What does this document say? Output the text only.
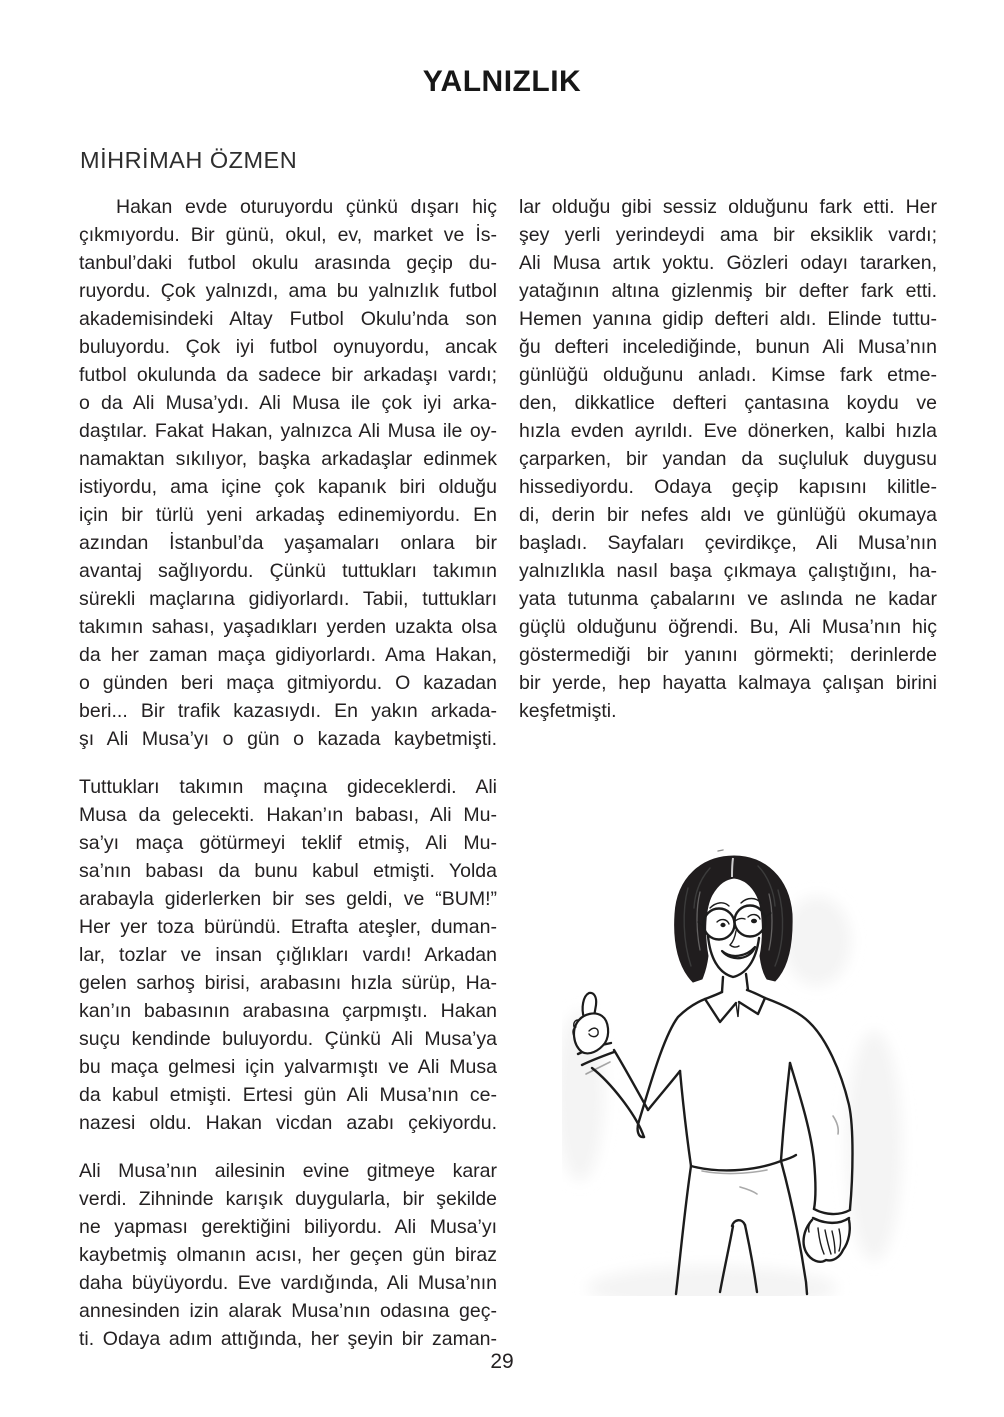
YALNIZLIK
MİHRİMAH ÖZMEN
Hakan evde oturuyordu çünkü dışarı hiç
çıkmıyordu. Bir günü, okul, ev, market ve İs-
tanbul’daki futbol okulu arasında geçip du-
ruyordu. Çok yalnızdı, ama bu yalnızlık futbol
akademisindeki Altay Futbol Okulu’nda son
buluyordu. Çok iyi futbol oynuyordu, ancak
futbol okulunda da sadece bir arkadaşı vardı;
o da Ali Musa’ydı. Ali Musa ile çok iyi arka-
daştılar. Fakat Hakan, yalnızca Ali Musa ile oy-
namaktan sıkılıyor, başka arkadaşlar edinmek
istiyordu, ama içine çok kapanık biri olduğu
için bir türlü yeni arkadaş edinemiyordu. En
azından İstanbul’da yaşamaları onlara bir
avantaj sağlıyordu. Çünkü tuttukları takımın
sürekli maçlarına gidiyorlardı. Tabii, tuttukları
takımın sahası, yaşadıkları yerden uzakta olsa
da her zaman maça gidiyorlardı. Ama Hakan,
o günden beri maça gitmiyordu. O kazadan
beri... Bir trafik kazasıydı. En yakın arkada-
şı Ali Musa’yı o gün o kazada kaybetmişti.
Tuttukları takımın maçına gideceklerdi. Ali
Musa da gelecekti. Hakan’ın babası, Ali Mu-
sa’yı maça götürmeyi teklif etmiş, Ali Mu-
sa’nın babası da bunu kabul etmişti. Yolda
arabayla giderlerken bir ses geldi, ve “BUM!”
Her yer toza büründü. Etrafta ateşler, duman-
lar, tozlar ve insan çığlıkları vardı! Arkadan
gelen sarhoş birisi, arabasını hızla sürüp, Ha-
kan’ın babasının arabasına çarpmıştı. Hakan
suçu kendinde buluyordu. Çünkü Ali Musa’ya
bu maça gelmesi için yalvarmıştı ve Ali Musa
da kabul etmişti. Ertesi gün Ali Musa’nın ce-
nazesi oldu. Hakan vicdan azabı çekiyordu.
Ali Musa’nın ailesinin evine gitmeye karar
verdi. Zihninde karışık duygularla, bir şekilde
ne yapması gerektiğini biliyordu. Ali Musa’yı
kaybetmiş olmanın acısı, her geçen gün biraz
daha büyüyordu. Eve vardığında, Ali Musa’nın
annesinden izin alarak Musa’nın odasına geç-
ti. Odaya adım attığında, her şeyin bir zaman-
lar olduğu gibi sessiz olduğunu fark etti. Her
şey yerli yerindeydi ama bir eksiklik vardı;
Ali Musa artık yoktu. Gözleri odayı tararken,
yatağının altına gizlenmiş bir defter fark etti.
Hemen yanına gidip defteri aldı. Elinde tuttu-
ğu defteri incelediğinde, bunun Ali Musa’nın
günlüğü olduğunu anladı. Kimse fark etme-
den, dikkatlice defteri çantasına koydu ve
hızla evden ayrıldı. Eve dönerken, kalbi hızla
çarparken, bir yandan da suçluluk duygusu
hissediyordu. Odaya geçip kapısını kilitle-
di, derin bir nefes aldı ve günlüğü okumaya
başladı. Sayfaları çevirdikçe, Ali Musa’nın
yalnızlıkla nasıl başa çıkmaya çalıştığını, ha-
yata tutunma çabalarını ve aslında ne kadar
güçlü olduğunu öğrendi. Bu, Ali Musa’nın hiç
göstermediği bir yanını görmekti; derinlerde
bir yerde, hep hayatta kalmaya çalışan birini
keşfetmişti.
29
